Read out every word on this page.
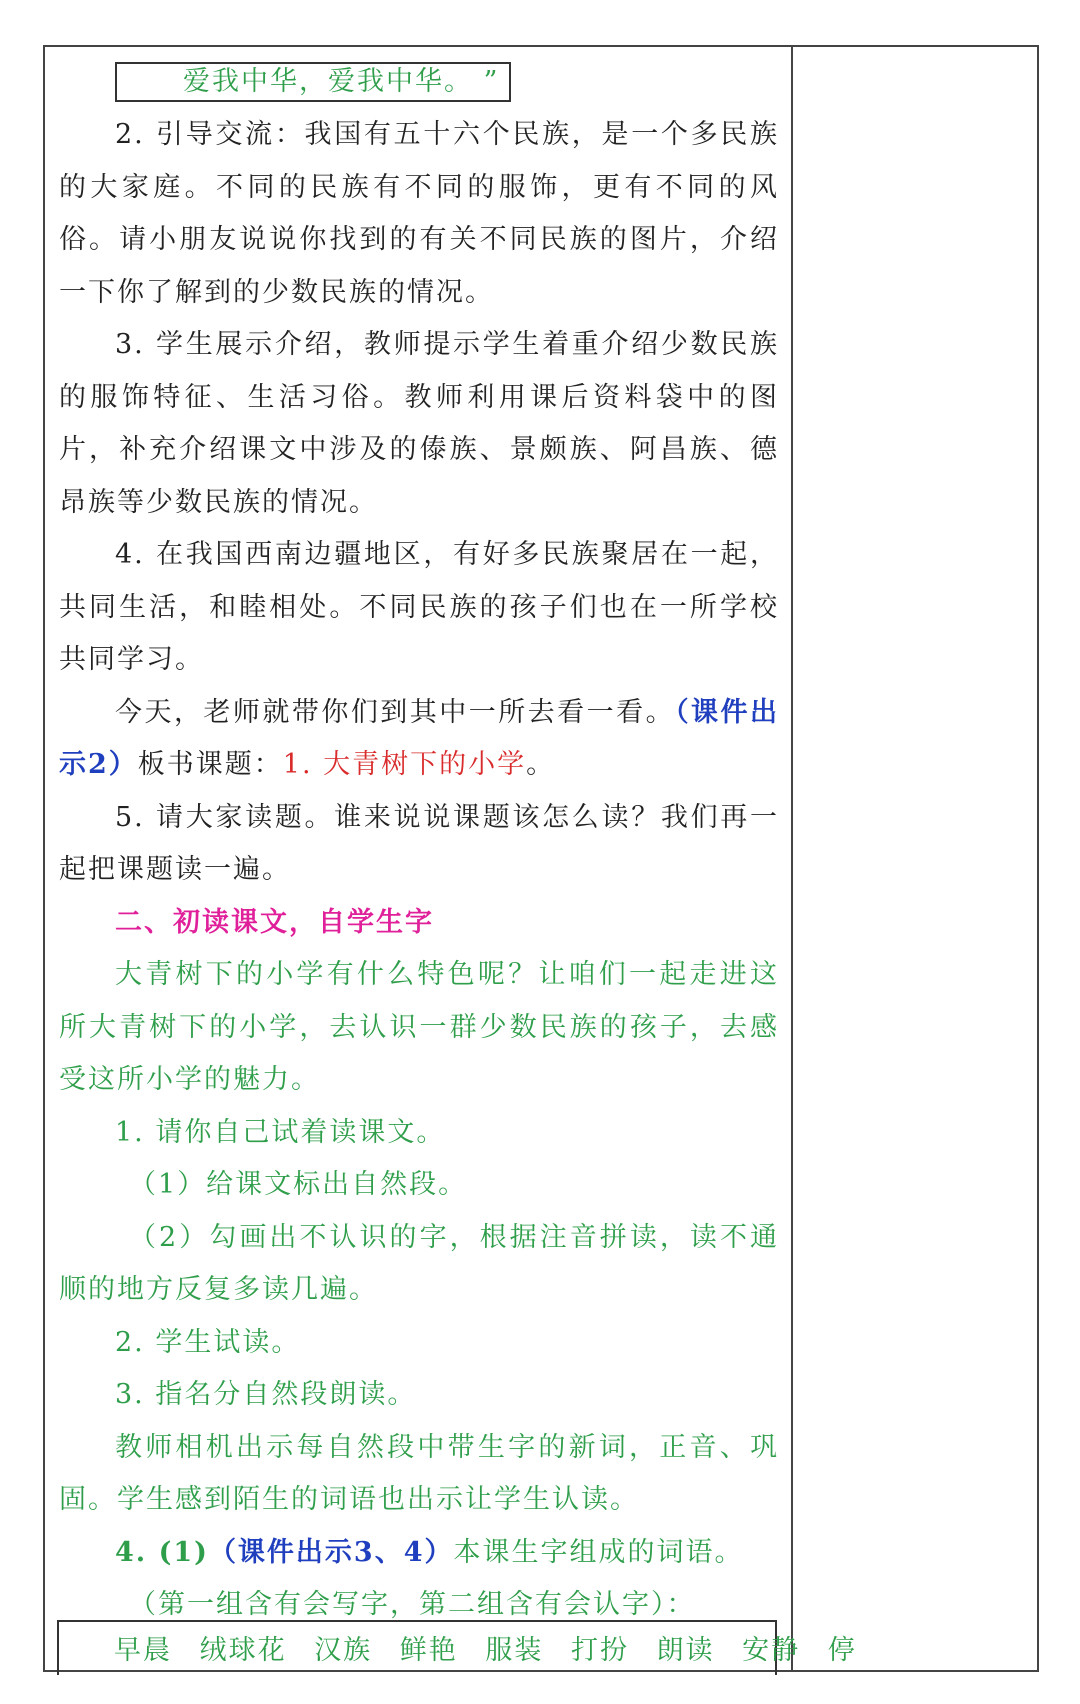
爱我中华，爱我中华。 ”

2. 引导交流：我国有五十六个民族，是一个多民族的大家庭。不同的民族有不同的服饰，更有不同的风俗。请小朋友说说你找到的有关不同民族的图片，介绍一下你了解到的少数民族的情况。

3. 学生展示介绍，教师提示学生着重介绍少数民族的服饰特征、生活习俗。教师利用课后资料袋中的图片，补充介绍课文中涉及的傣族、景颇族、阿昌族、德昂族等少数民族的情况。

4. 在我国西南边疆地区，有好多民族聚居在一起，共同生活，和睦相处。不同民族的孩子们也在一所学校共同学习。

今天，老师就带你们到其中一所去看一看。（课件出示2）板书课题：1. 大青树下的小学。

5. 请大家读题。谁来说说课题该怎么读？我们再一起把课题读一遍。

二、初读课文，自学生字

大青树下的小学有什么特色呢？让咱们一起走进这所大青树下的小学，去认识一群少数民族的孩子，去感受这所小学的魅力。

1. 请你自己试着读课文。

（1）给课文标出自然段。

（2）勾画出不认识的字，根据注音拼读，读不通顺的地方反复多读几遍。

2. 学生试读。

3. 指名分自然段朗读。

教师相机出示每自然段中带生字的新词，正音、巩固。学生感到陌生的词语也出示让学生认读。

4. (1)（课件出示3、4）本课生字组成的词语。

（第一组含有会写字，第二组含有会认字）：

早晨 绒球花 汉族 鲜艳 服装 打扮 朗读 安静 停
